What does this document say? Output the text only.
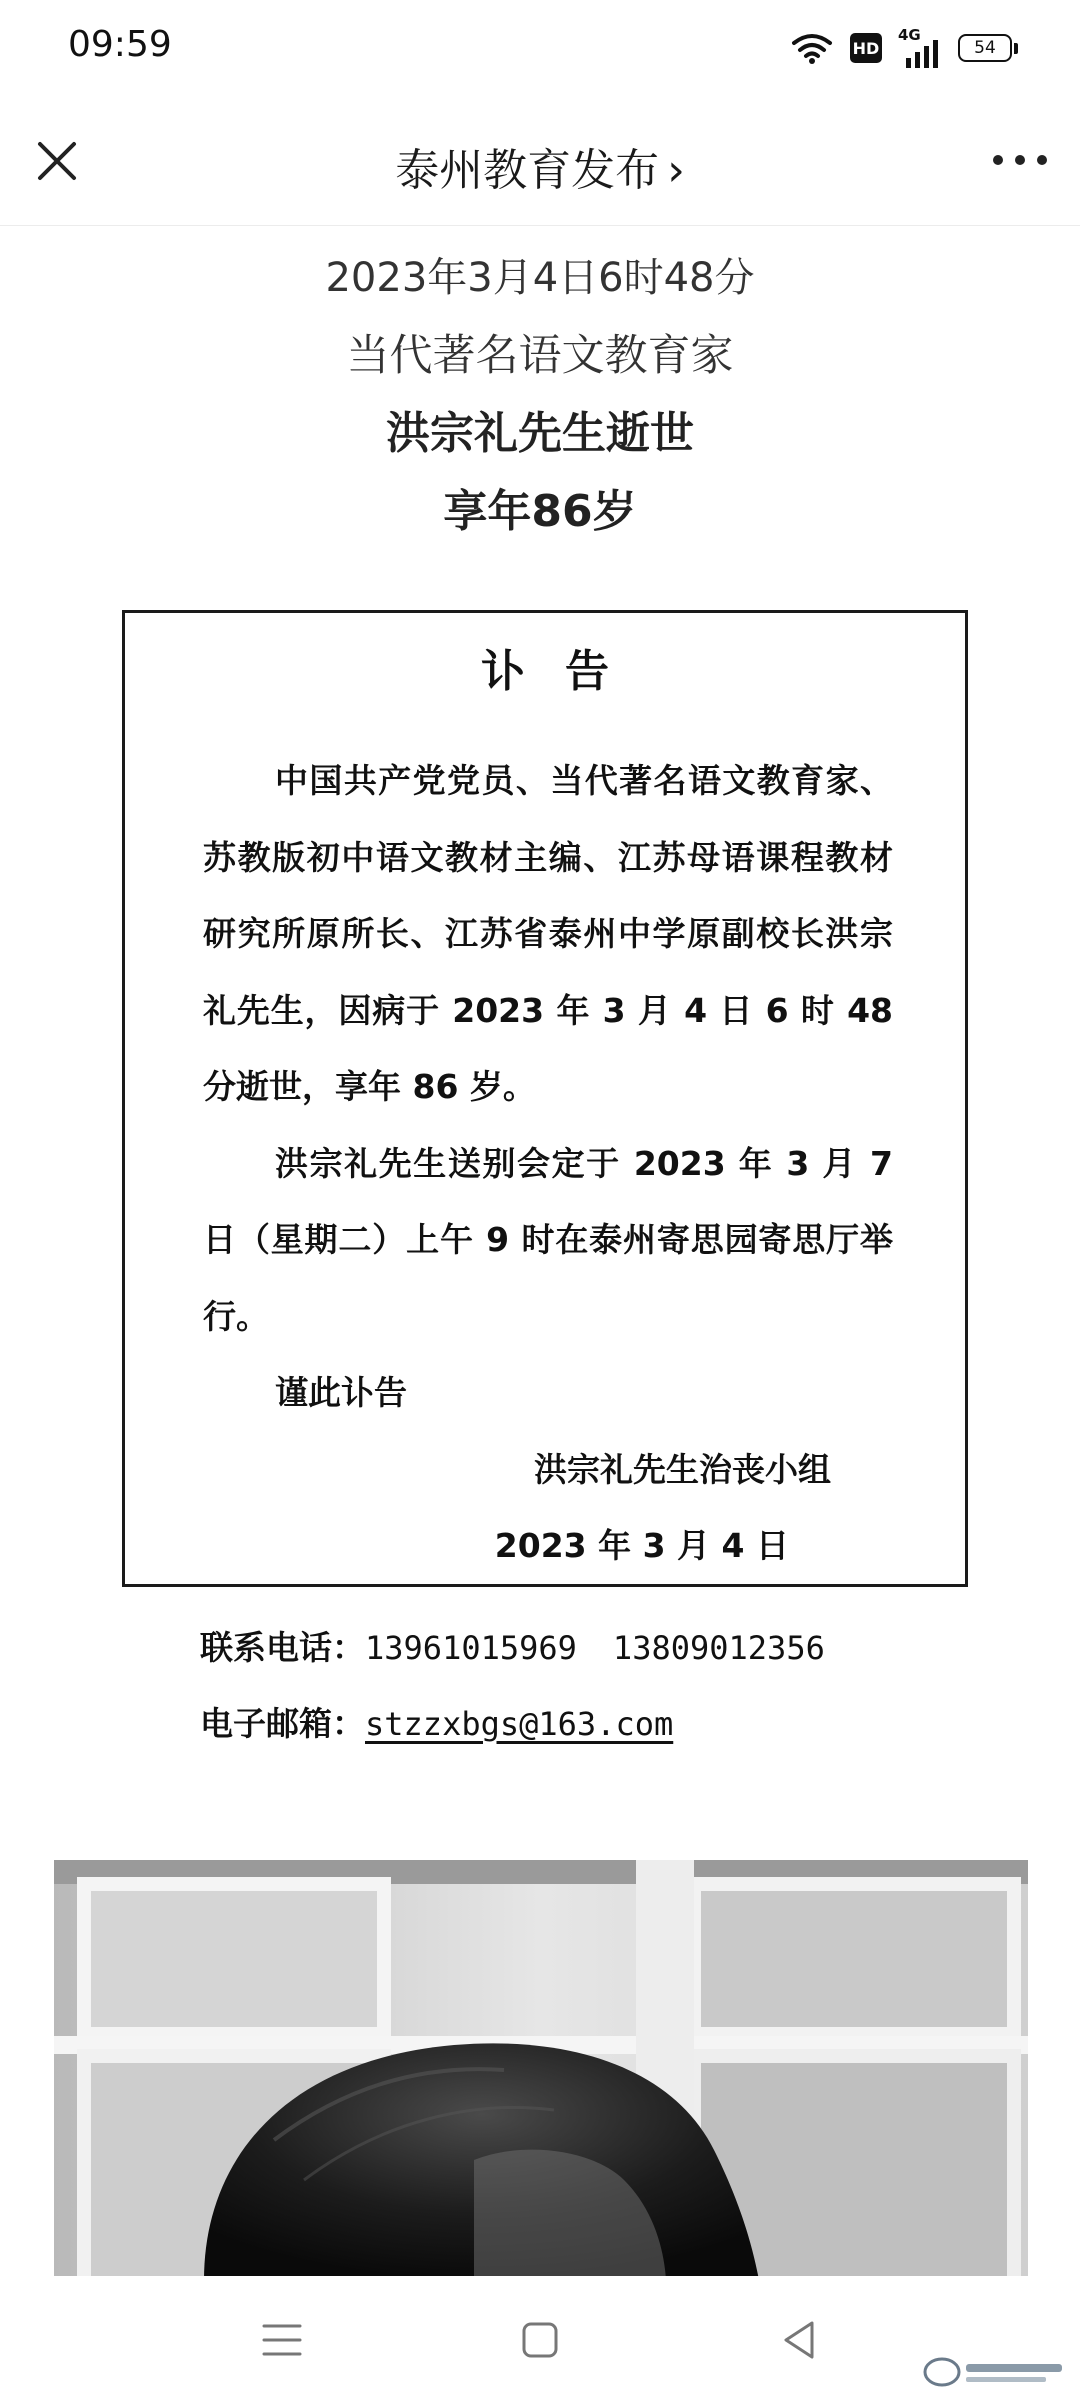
09:59	HD
4G
54
泰州教育发布 ›
2023年3月4日6时48分
当代著名语文教育家
洪宗礼先生逝世
享年86岁
讣告

中国共产党党员、当代著名语文教育家、苏教版初中语文教材主编、江苏母语课程教材研究所原所长、江苏省泰州中学原副校长洪宗礼先生，因病于 2023 年 3 月 4 日 6 时 48 分逝世，享年 86 岁。

洪宗礼先生送别会定于 2023 年 3 月 7 日（星期二）上午 9 时在泰州寄思园寄思厅举行。

谨此讣告

洪宗礼先生治丧小组

2023 年 3 月 4 日

联系电话：13961015969 13809012356
电子邮箱：stzzxbgs@163.com
